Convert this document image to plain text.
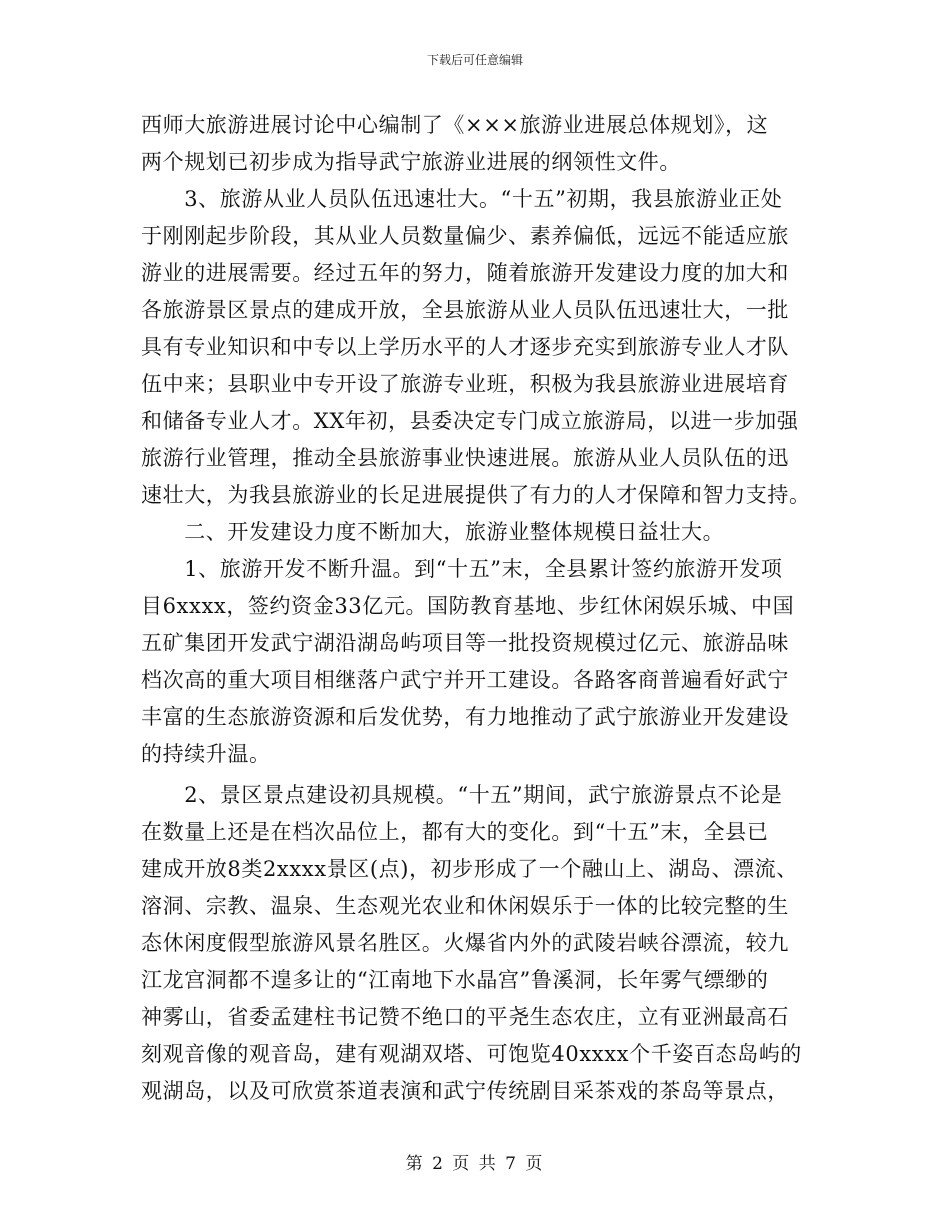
下载后可任意编辑
西师大旅游进展讨论中心编制了《×××旅游业进展总体规划》，这
两个规划已初步成为指导武宁旅游业进展的纲领性文件。
　　3、旅游从业人员队伍迅速壮大。“十五”初期，我县旅游业正处
于刚刚起步阶段，其从业人员数量偏少、素养偏低，远远不能适应旅
游业的进展需要。经过五年的努力，随着旅游开发建设力度的加大和
各旅游景区景点的建成开放，全县旅游从业人员队伍迅速壮大，一批
具有专业知识和中专以上学历水平的人才逐步充实到旅游专业人才队
伍中来；县职业中专开设了旅游专业班，积极为我县旅游业进展培育
和储备专业人才。XX年初，县委决定专门成立旅游局，以进一步加强
旅游行业管理，推动全县旅游事业快速进展。旅游从业人员队伍的迅
速壮大，为我县旅游业的长足进展提供了有力的人才保障和智力支持。
　　二、开发建设力度不断加大，旅游业整体规模日益壮大。
　　1、旅游开发不断升温。到“十五”末，全县累计签约旅游开发项
目6xxxx，签约资金33亿元。国防教育基地、步红休闲娱乐城、中国
五矿集团开发武宁湖沿湖岛屿项目等一批投资规模过亿元、旅游品味
档次高的重大项目相继落户武宁并开工建设。各路客商普遍看好武宁
丰富的生态旅游资源和后发优势，有力地推动了武宁旅游业开发建设
的持续升温。
　　2、景区景点建设初具规模。“十五”期间，武宁旅游景点不论是
在数量上还是在档次品位上，都有大的变化。到“十五”末，全县已
建成开放8类2xxxx景区(点)，初步形成了一个融山上、湖岛、漂流、
溶洞、宗教、温泉、生态观光农业和休闲娱乐于一体的比较完整的生
态休闲度假型旅游风景名胜区。火爆省内外的武陵岩峡谷漂流，较九
江龙宫洞都不遑多让的“江南地下水晶宫”鲁溪洞，长年雾气缥缈的
神雾山，省委孟建柱书记赞不绝口的平尧生态农庄，立有亚洲最高石
刻观音像的观音岛，建有观湖双塔、可饱览40xxxx个千姿百态岛屿的
观湖岛，以及可欣赏茶道表演和武宁传统剧目采茶戏的茶岛等景点，
第 2 页 共 7 页
